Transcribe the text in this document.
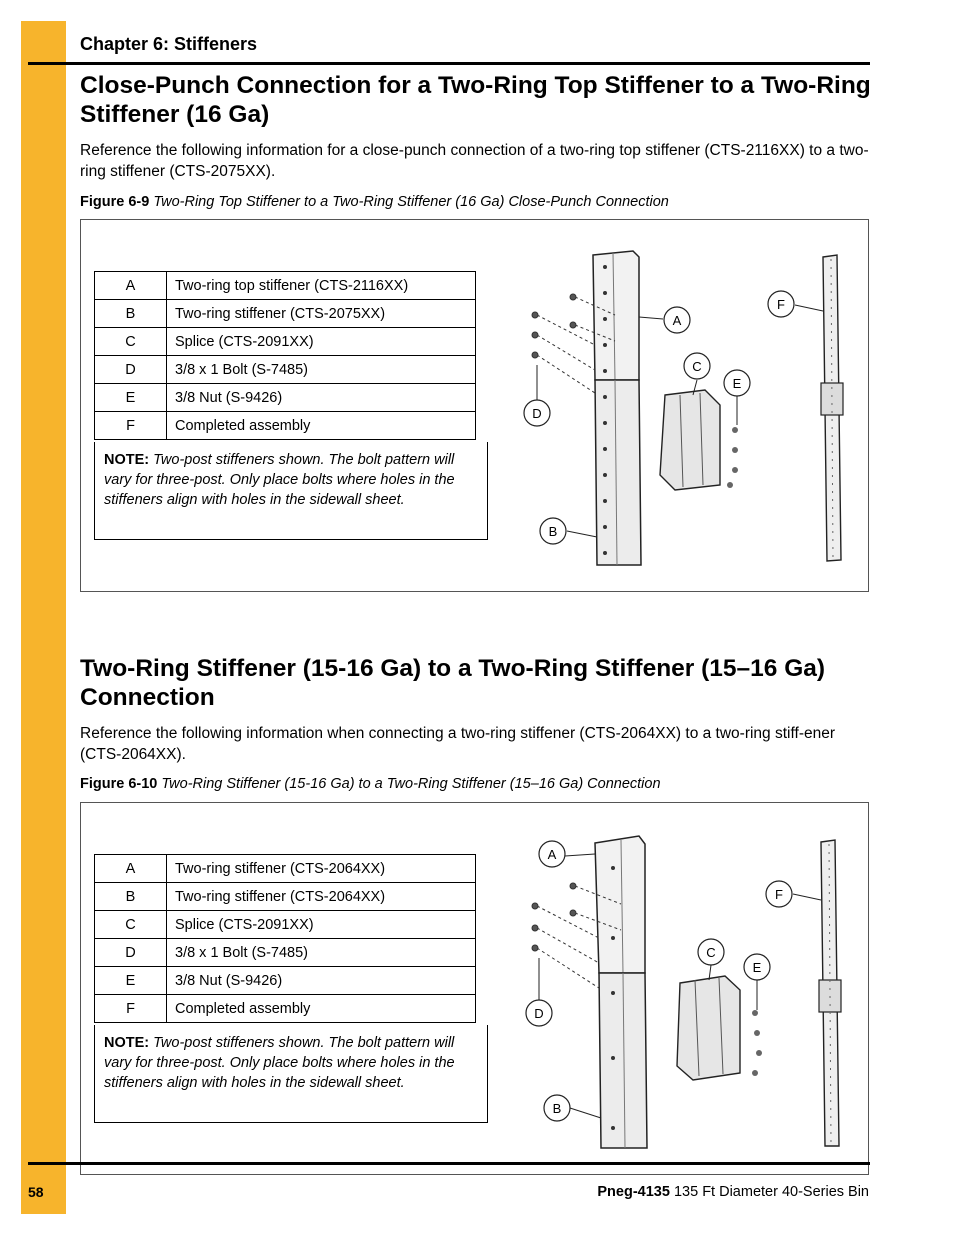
Chapter 6: Stiffeners
Close-Punch Connection for a Two-Ring Top Stiffener to a Two-Ring Stiffener (16 Ga)
Reference the following information for a close-punch connection of a two-ring top stiffener (CTS-2116XX) to a two-ring stiffener (CTS-2075XX).
Figure 6-9 Two-Ring Top Stiffener to a Two-Ring Stiffener (16 Ga) Close-Punch Connection
A	Two-ring top stiffener (CTS-2116XX)
B	Two-ring stiffener (CTS-2075XX)
C	Splice (CTS-2091XX)
D	3/8 x 1 Bolt (S-7485)
E	3/8 Nut (S-9426)
F	Completed assembly
NOTE: Two-post stiffeners shown. The bolt pattern will vary for three-post. Only place bolts where holes in the stiffeners align with holes in the sidewall sheet.
A
B
C
D
E
F
Two-Ring Stiffener (15-16 Ga) to a Two-Ring Stiffener (15–16 Ga) Connection
Reference the following information when connecting a two-ring stiffener (CTS-2064XX) to a two-ring stiff-ener (CTS-2064XX).
Figure 6-10 Two-Ring Stiffener (15-16 Ga) to a Two-Ring Stiffener (15–16 Ga) Connection
A	Two-ring stiffener (CTS-2064XX)
B	Two-ring stiffener (CTS-2064XX)
C	Splice (CTS-2091XX)
D	3/8 x 1 Bolt (S-7485)
E	3/8 Nut (S-9426)
F	Completed assembly
NOTE: Two-post stiffeners shown. The bolt pattern will vary for three-post. Only place bolts where holes in the stiffeners align with holes in the sidewall sheet.
A
B
C
D
E
F
58	Pneg-4135 135 Ft Diameter 40-Series Bin
